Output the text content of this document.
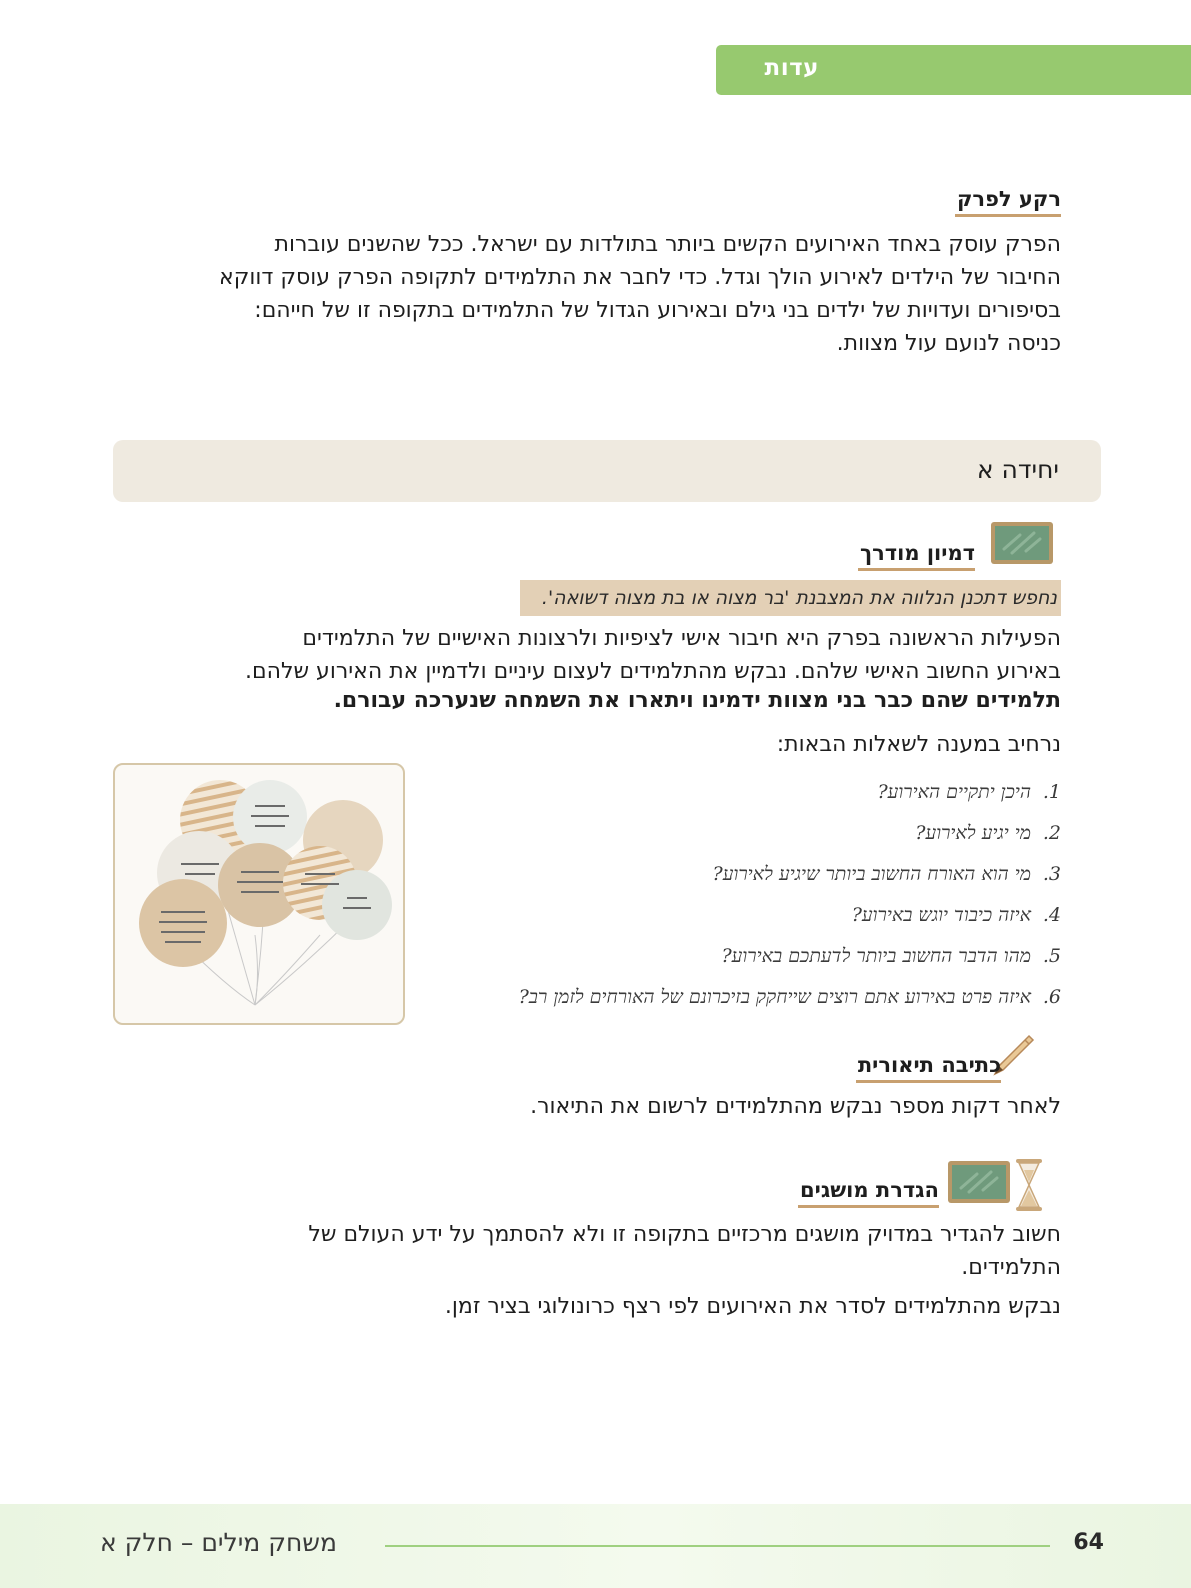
עדות
רקע לפרק
הפרק עוסק באחד האירועים הקשים ביותר בתולדות עם ישראל. ככל שהשנים עוברות
החיבור של הילדים לאירוע הולך וגדל. כדי לחבר את התלמידים לתקופה הפרק עוסק דווקא
בסיפורים ועדויות של ילדים בני גילם ובאירוע הגדול של התלמידים בתקופה זו של חייהם:
כניסה לנועם עול מצוות.
יחידה א
דמיון מודרך
נחפש דתכנן הנלווה את המצבנת 'בר מצוה או בת מצוה דשואה'.
הפעילות הראשונה בפרק היא חיבור אישי לציפיות ולרצונות האישיים של התלמידים
באירוע החשוב האישי שלהם. נבקש מהתלמידים לעצום עיניים ולדמיין את האירוע שלהם.
תלמידים שהם כבר בני מצוות ידמינו ויתארו את השמחה שנערכה עבורם.
נרחיב במענה לשאלות הבאות:
1.היכן יתקיים האירוע?
2.מי יגיע לאירוע?
3.מי הוא האורח החשוב ביותר שיגיע לאירוע?
4.איזה כיבוד יוגש באירוע?
5.מהו הדבר החשוב ביותר לדעתכם באירוע?
6.איזה פרט באירוע אתם רוצים שייחקק בזיכרונם של האורחים לזמן רב?
כתיבה תיאורית
לאחר דקות מספר נבקש מהתלמידים לרשום את התיאור.
הגדרת מושגים
חשוב להגדיר במדויק מושגים מרכזיים בתקופה זו ולא להסתמך על ידע העולם של
התלמידים.
נבקש מהתלמידים לסדר את האירועים לפי רצף כרונולוגי בציר זמן.
משחק מילים – חלק א	64
